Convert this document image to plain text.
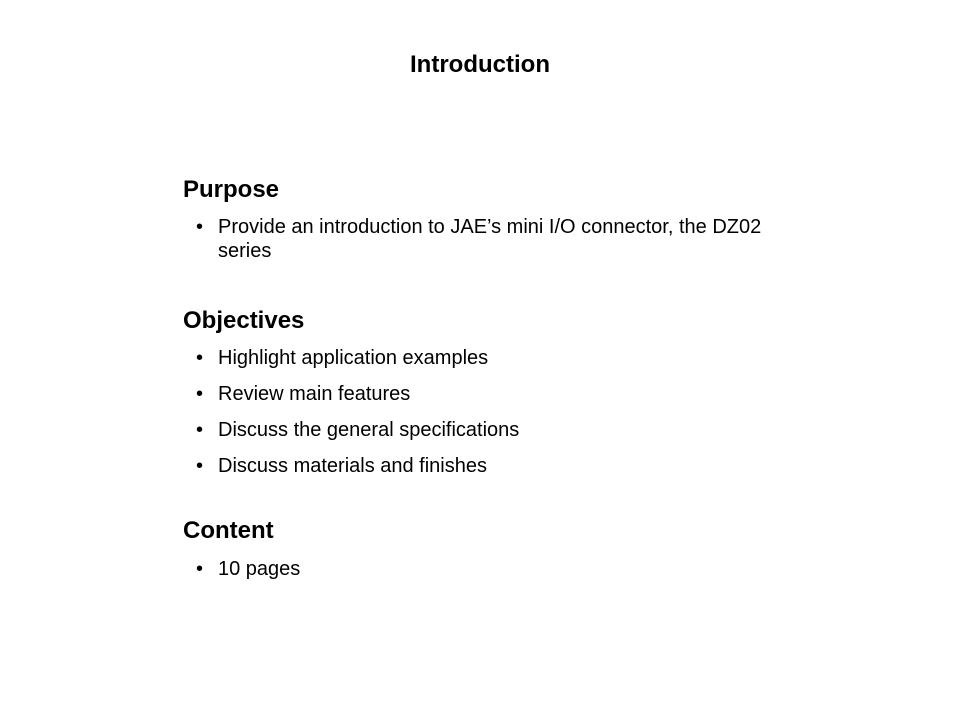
Introduction
Purpose
• Provide an introduction to JAE’s mini I/O connector, the DZ02 series
Objectives
• Highlight application examples
• Review main features
• Discuss the general specifications
• Discuss materials and finishes
Content
• 10 pages
